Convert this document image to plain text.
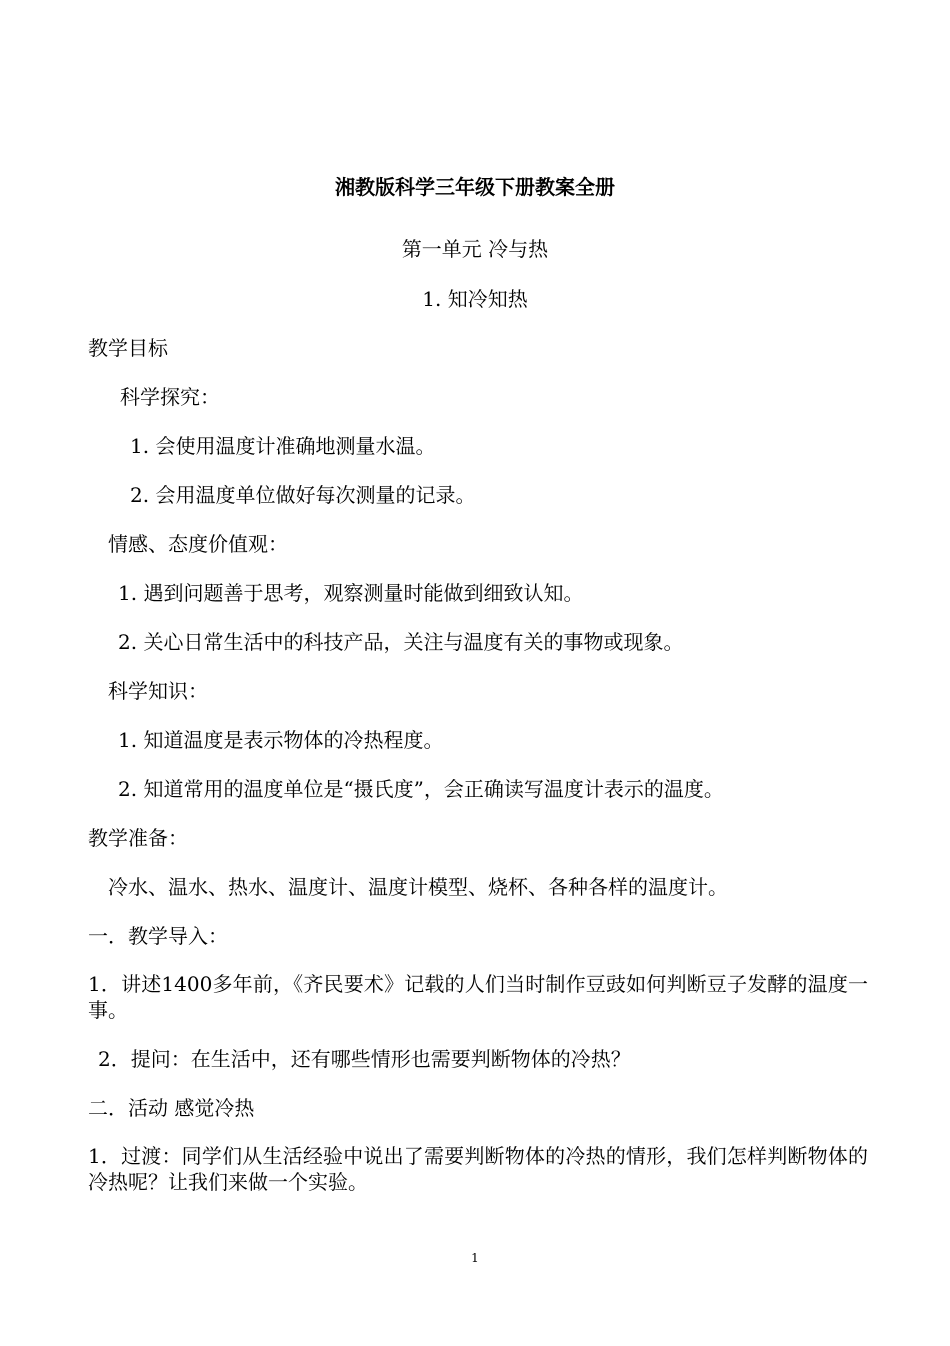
湘教版科学三年级下册教案全册
第一单元 冷与热
1. 知冷知热
教学目标
科学探究：
1. 会使用温度计准确地测量水温。
2. 会用温度单位做好每次测量的记录。
情感、态度价值观：
1. 遇到问题善于思考，观察测量时能做到细致认知。
2. 关心日常生活中的科技产品，关注与温度有关的事物或现象。
科学知识：
1. 知道温度是表示物体的冷热程度。
2. 知道常用的温度单位是“摄氏度”，会正确读写温度计表示的温度。
教学准备：
冷水、温水、热水、温度计、温度计模型、烧杯、各种各样的温度计。
一．教学导入：
1．讲述1400多年前，《齐民要术》记载的人们当时制作豆豉如何判断豆子发酵的温度一事。
2．提问：在生活中，还有哪些情形也需要判断物体的冷热？
二．活动 感觉冷热
1．过渡：同学们从生活经验中说出了需要判断物体的冷热的情形，我们怎样判断物体的冷热呢？让我们来做一个实验。
1
